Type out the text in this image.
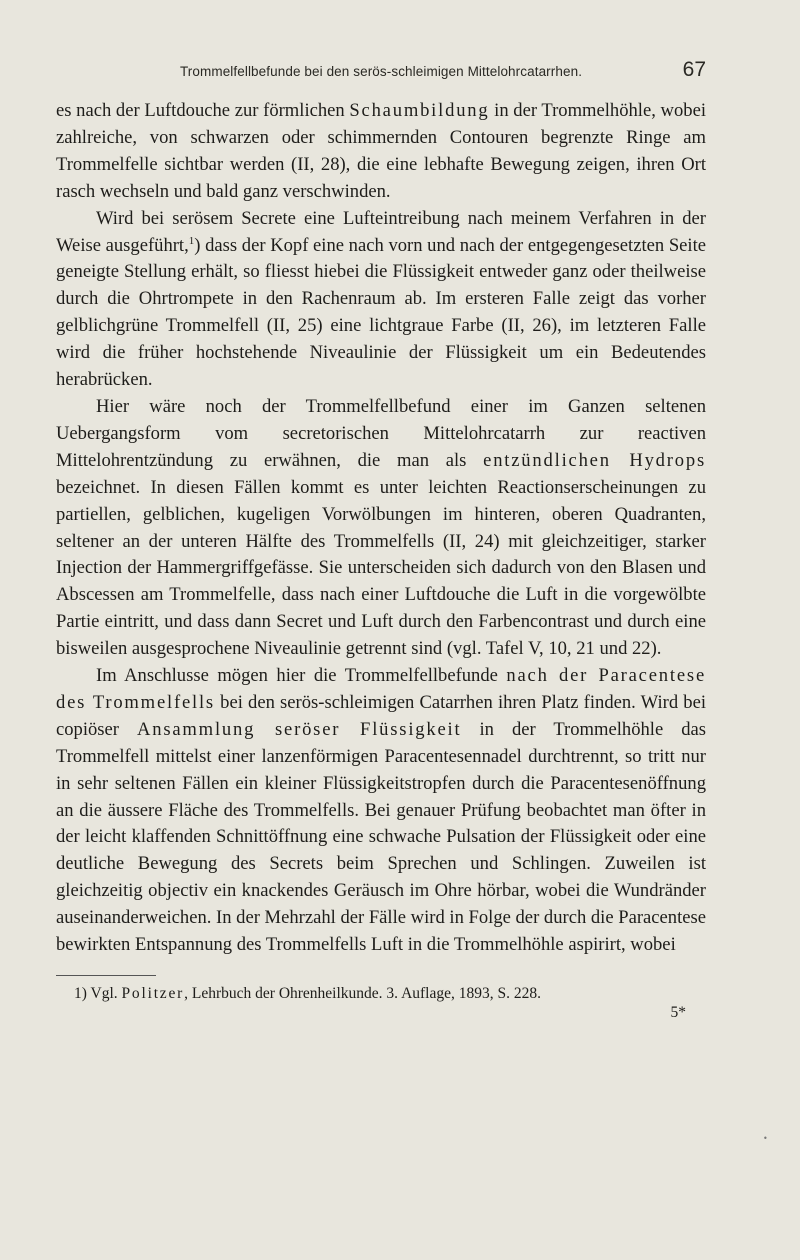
Trommelfellbefunde bei den serös-schleimigen Mittelohrcatarrhen.	67

es nach der Luftdouche zur förmlichen Schaumbildung in der Trommelhöhle, wobei zahlreiche, von schwarzen oder schimmernden Contouren begrenzte Ringe am Trommelfelle sichtbar werden (II, 28), die eine lebhafte Bewegung zeigen, ihren Ort rasch wechseln und bald ganz verschwinden.

Wird bei serösem Secrete eine Lufteintreibung nach meinem Verfahren in der Weise ausgeführt,$^1$) dass der Kopf eine nach vorn und nach der entgegengesetzten Seite geneigte Stellung erhält, so fliesst hiebei die Flüssigkeit entweder ganz oder theilweise durch die Ohrtrompete in den Rachenraum ab. Im ersteren Falle zeigt das vorher gelblichgrüne Trommelfell (II, 25) eine lichtgraue Farbe (II, 26), im letzteren Falle wird die früher hochstehende Niveaulinie der Flüssigkeit um ein Bedeutendes herabrücken.

Hier wäre noch der Trommelfellbefund einer im Ganzen seltenen Uebergangsform vom secretorischen Mittelohrcatarrh zur reactiven Mittelohrentzündung zu erwähnen, die man als entzündlichen Hydrops bezeichnet. In diesen Fällen kommt es unter leichten Reactionserscheinungen zu partiellen, gelblichen, kugeligen Vorwölbungen im hinteren, oberen Quadranten, seltener an der unteren Hälfte des Trommelfells (II, 24) mit gleichzeitiger, starker Injection der Hammergriffgefässe. Sie unterscheiden sich dadurch von den Blasen und Abscessen am Trommelfelle, dass nach einer Luftdouche die Luft in die vorgewölbte Partie eintritt, und dass dann Secret und Luft durch den Farbencontrast und durch eine bisweilen ausgesprochene Niveaulinie getrennt sind (vgl. Tafel V, 10, 21 und 22).

Im Anschlusse mögen hier die Trommelfellbefunde nach der Paracentese des Trommelfells bei den serös-schleimigen Catarrhen ihren Platz finden. Wird bei copiöser Ansammlung seröser Flüssigkeit in der Trommelhöhle das Trommelfell mittelst einer lanzenförmigen Paracentesennadel durchtrennt, so tritt nur in sehr seltenen Fällen ein kleiner Flüssigkeitstropfen durch die Paracentesenöffnung an die äussere Fläche des Trommelfells. Bei genauer Prüfung beobachtet man öfter in der leicht klaffenden Schnittöffnung eine schwache Pulsation der Flüssigkeit oder eine deutliche Bewegung des Secrets beim Sprechen und Schlingen. Zuweilen ist gleichzeitig objectiv ein knackendes Geräusch im Ohre hörbar, wobei die Wundränder auseinanderweichen. In der Mehrzahl der Fälle wird in Folge der durch die Paracentese bewirkten Entspannung des Trommelfells Luft in die Trommelhöhle aspirirt, wobei

1) Vgl. Politzer, Lehrbuch der Ohrenheilkunde. 3. Auflage, 1893, S. 228.
5*
•
